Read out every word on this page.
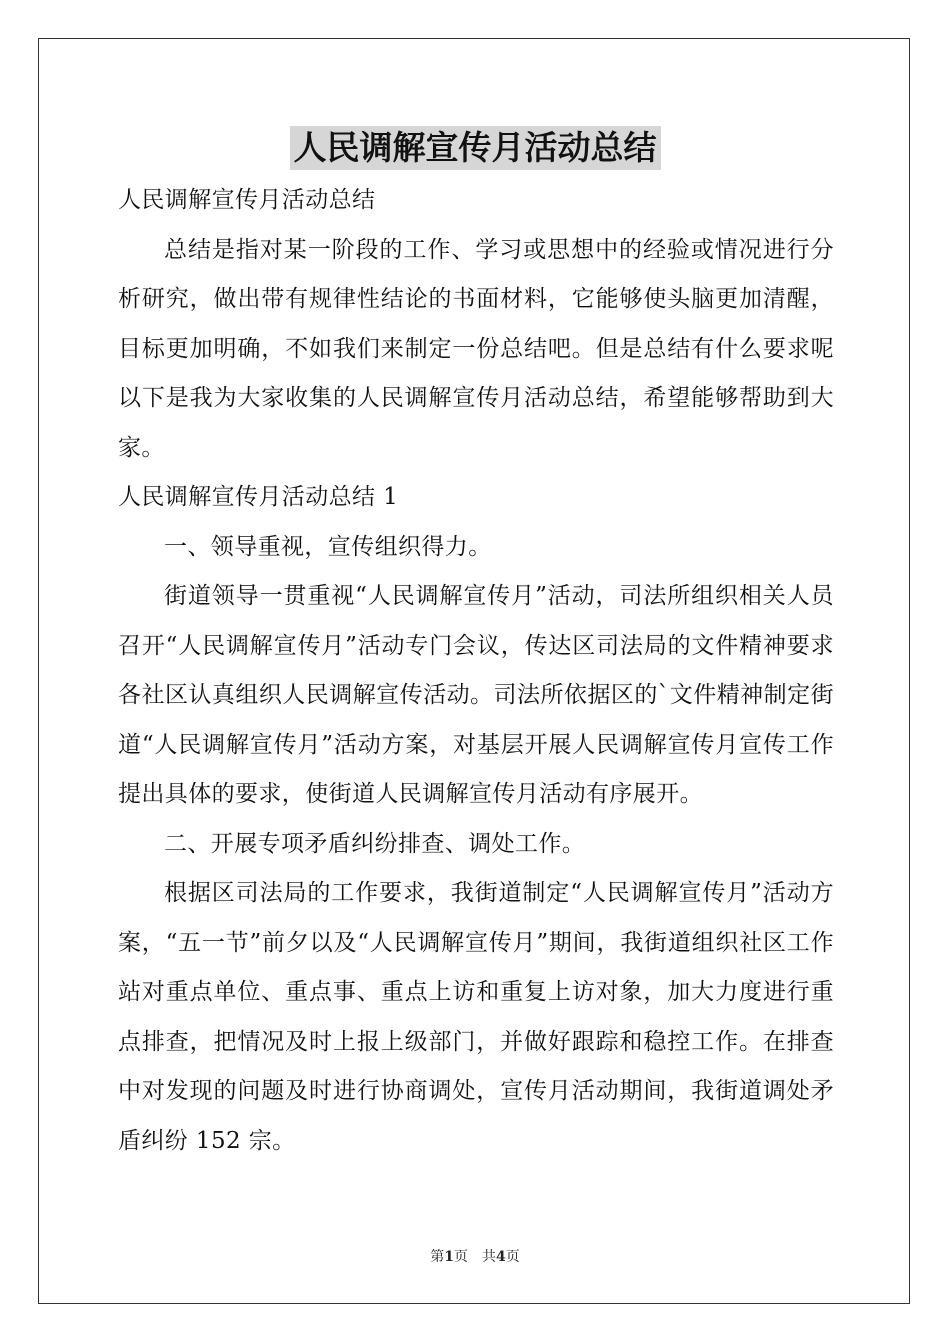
人民调解宣传月活动总结

人民调解宣传月活动总结

总结是指对某一阶段的工作、学习或思想中的经验或情况进行分析研究，做出带有规律性结论的书面材料，它能够使头脑更加清醒，目标更加明确，不如我们来制定一份总结吧。但是总结有什么要求呢以下是我为大家收集的人民调解宣传月活动总结，希望能够帮助到大家。

人民调解宣传月活动总结 1

一、领导重视，宣传组织得力。

街道领导一贯重视“人民调解宣传月”活动，司法所组织相关人员召开“人民调解宣传月”活动专门会议，传达区司法局的文件精神要求各社区认真组织人民调解宣传活动。司法所依据区的`文件精神制定街道“人民调解宣传月”活动方案，对基层开展人民调解宣传月宣传工作提出具体的要求，使街道人民调解宣传月活动有序展开。

二、开展专项矛盾纠纷排查、调处工作。

根据区司法局的工作要求，我街道制定“人民调解宣传月”活动方案，“五一节”前夕以及“人民调解宣传月”期间，我街道组织社区工作站对重点单位、重点事、重点上访和重复上访对象，加大力度进行重点排查，把情况及时上报上级部门，并做好跟踪和稳控工作。在排查中对发现的问题及时进行协商调处，宣传月活动期间，我街道调处矛盾纠纷 152 宗。

第1页 共4页
